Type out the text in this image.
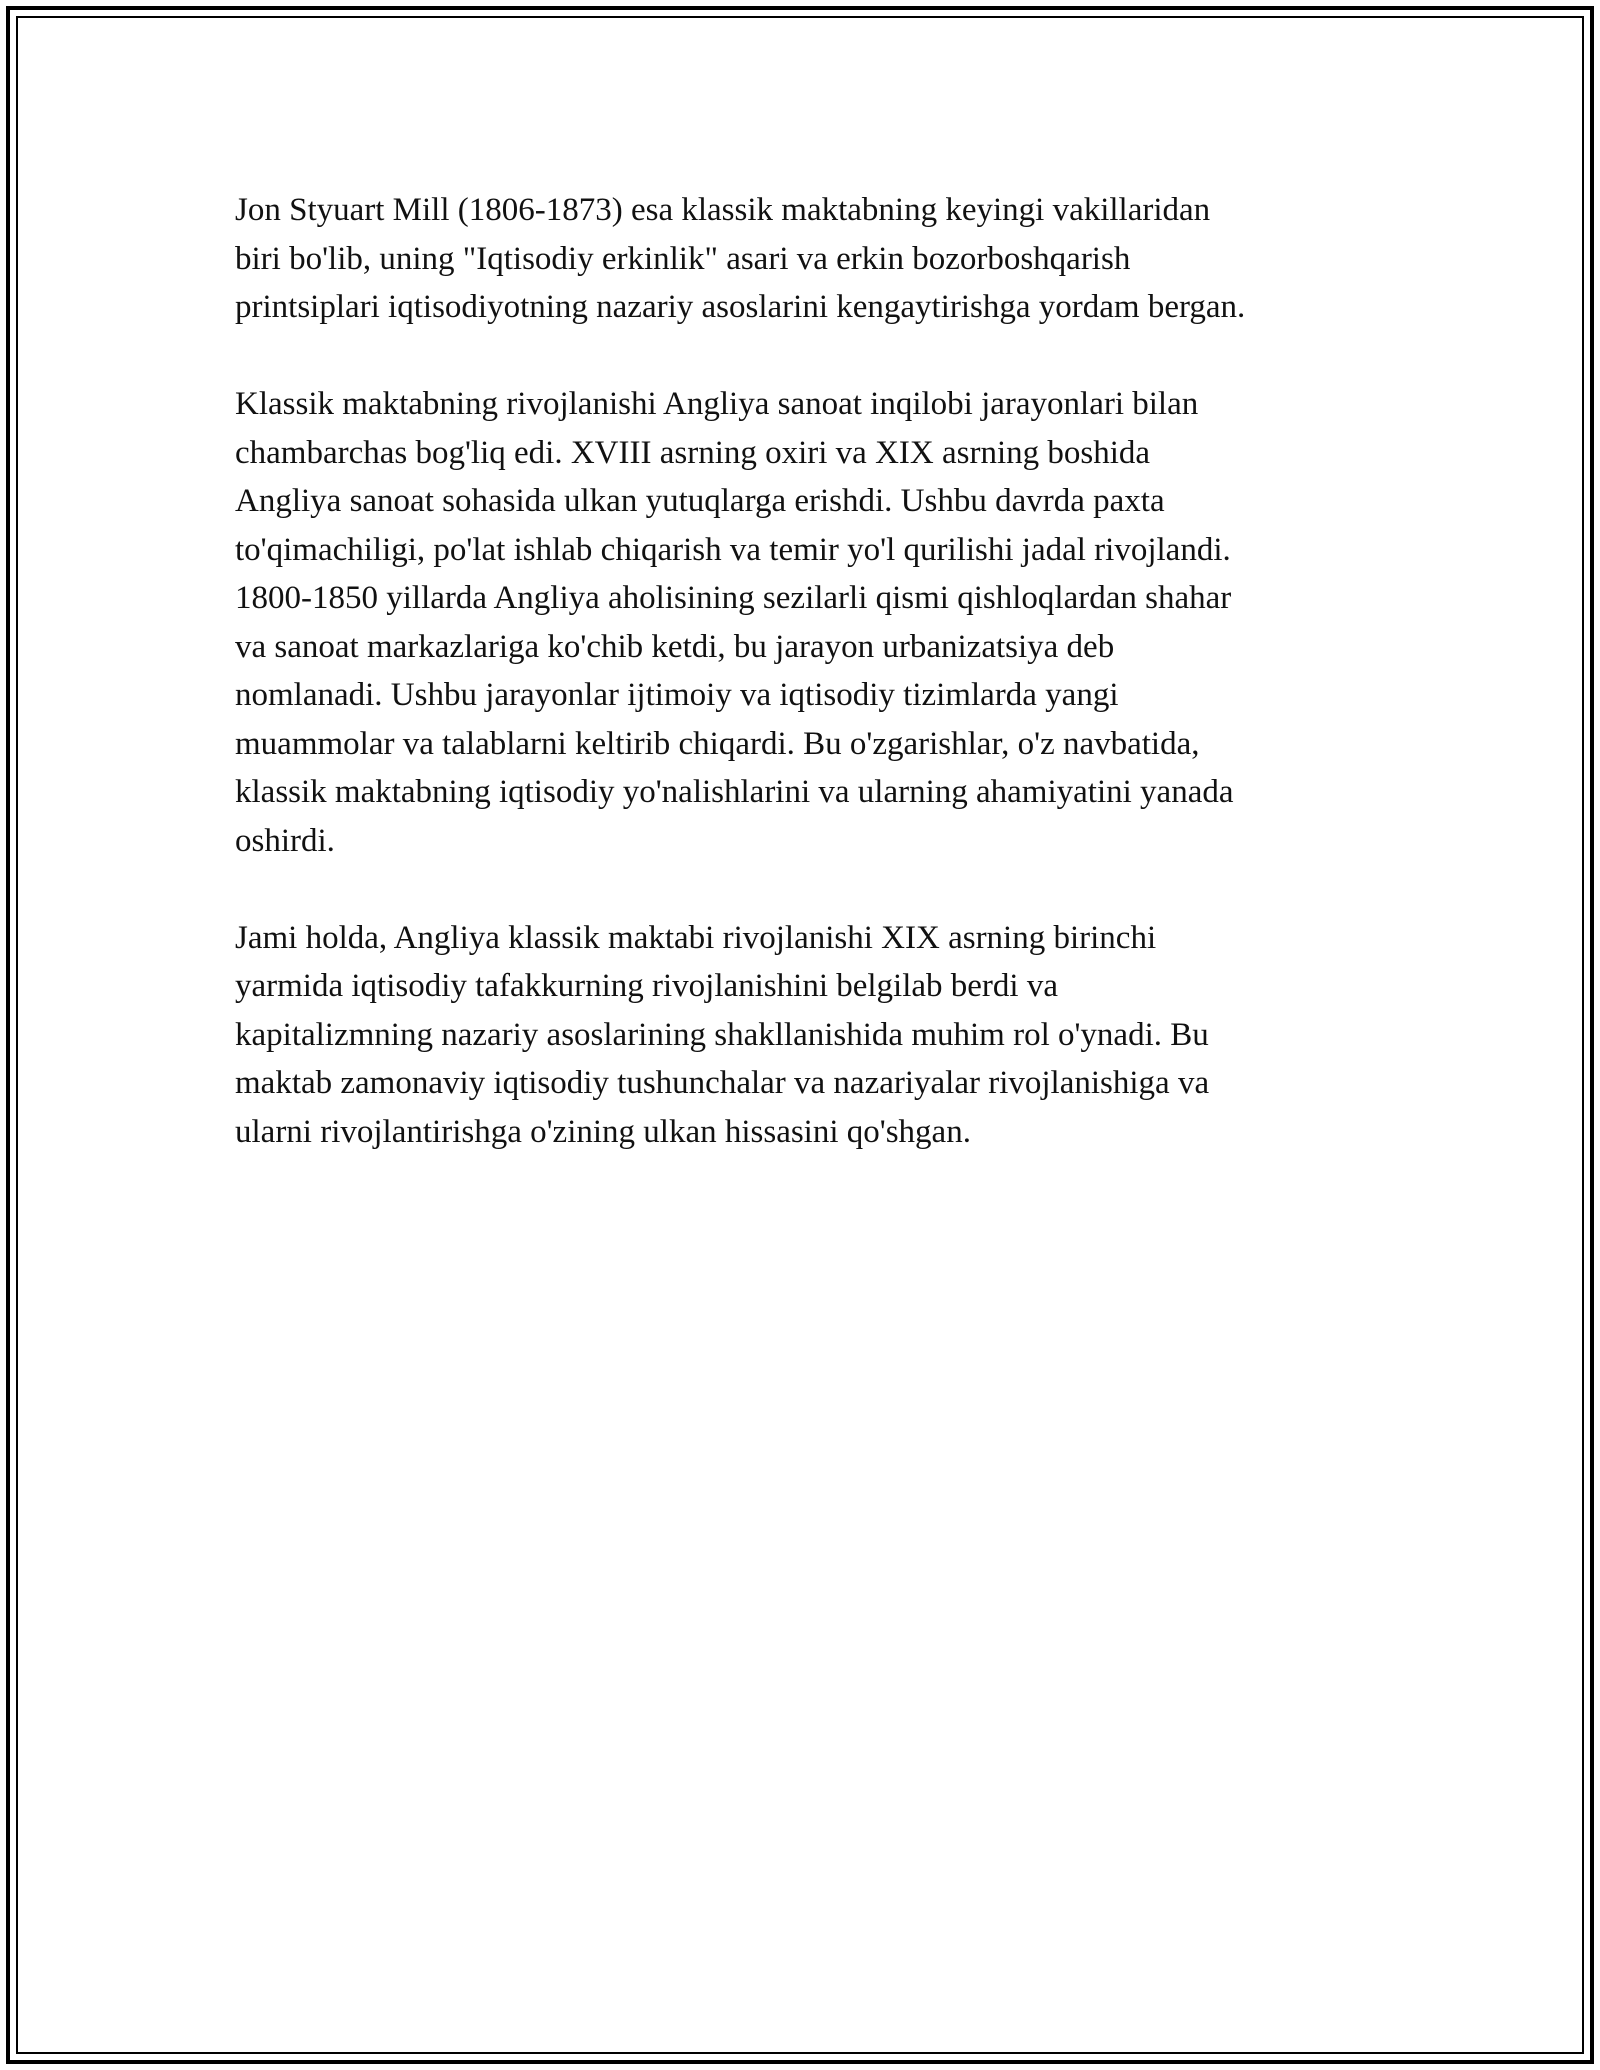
Jon Styuart Mill (1806-1873) esa klassik maktabning keyingi vakillaridan
biri bo'lib, uning "Iqtisodiy erkinlik" asari va erkin bozorboshqarish
printsiplari iqtisodiyotning nazariy asoslarini kengaytirishga yordam bergan.

Klassik maktabning rivojlanishi Angliya sanoat inqilobi jarayonlari bilan
chambarchas bog'liq edi. XVIII asrning oxiri va XIX asrning boshida
Angliya sanoat sohasida ulkan yutuqlarga erishdi. Ushbu davrda paxta
to'qimachiligi, po'lat ishlab chiqarish va temir yo'l qurilishi jadal rivojlandi.
1800-1850 yillarda Angliya aholisining sezilarli qismi qishloqlardan shahar
va sanoat markazlariga ko'chib ketdi, bu jarayon urbanizatsiya deb
nomlanadi. Ushbu jarayonlar ijtimoiy va iqtisodiy tizimlarda yangi
muammolar va talablarni keltirib chiqardi. Bu o'zgarishlar, o'z navbatida,
klassik maktabning iqtisodiy yo'nalishlarini va ularning ahamiyatini yanada
oshirdi.

Jami holda, Angliya klassik maktabi rivojlanishi XIX asrning birinchi
yarmida iqtisodiy tafakkurning rivojlanishini belgilab berdi va
kapitalizmning nazariy asoslarining shakllanishida muhim rol o'ynadi. Bu
maktab zamonaviy iqtisodiy tushunchalar va nazariyalar rivojlanishiga va
ularni rivojlantirishga o'zining ulkan hissasini qo'shgan.
